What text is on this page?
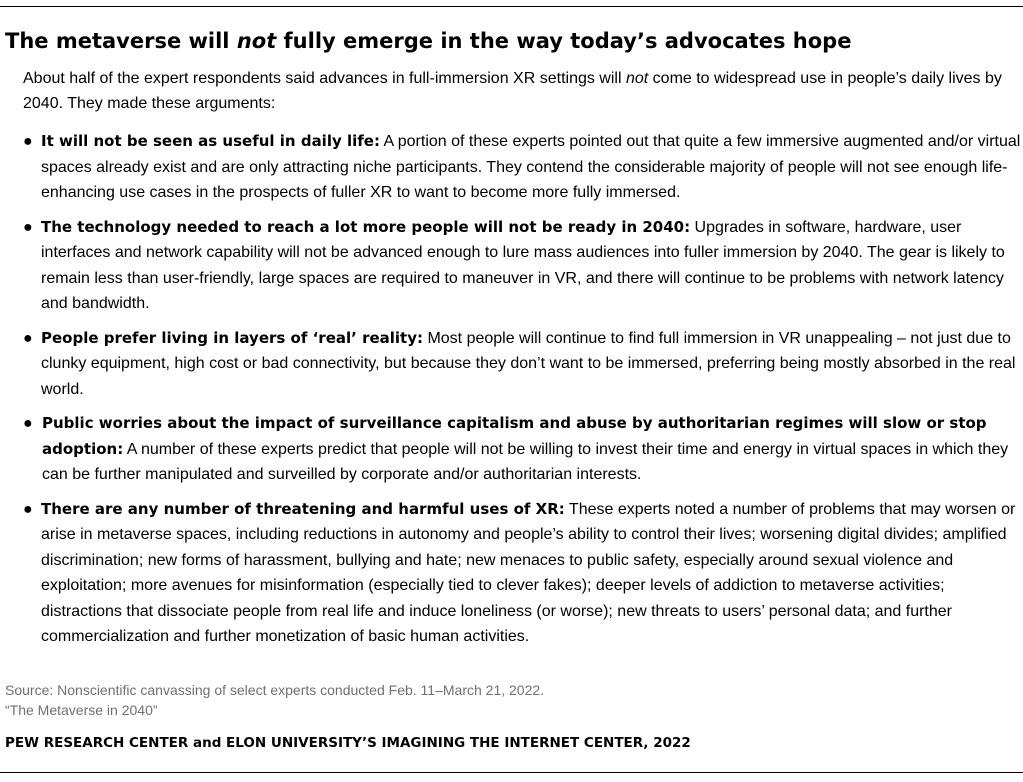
The metaverse will not fully emerge in the way today’s advocates hope

About half of the expert respondents said advances in full-immersion XR settings will not come to widespread use in people’s daily lives by 2040. They made these arguments:

● It will not be seen as useful in daily life: A portion of these experts pointed out that quite a few immersive augmented and/or virtual spaces already exist and are only attracting niche participants. They contend the considerable majority of people will not see enough life-enhancing use cases in the prospects of fuller XR to want to become more fully immersed.
● The technology needed to reach a lot more people will not be ready in 2040: Upgrades in software, hardware, user interfaces and network capability will not be advanced enough to lure mass audiences into fuller immersion by 2040. The gear is likely to remain less than user-friendly, large spaces are required to maneuver in VR, and there will continue to be problems with network latency and bandwidth.
● People prefer living in layers of ‘real’ reality: Most people will continue to find full immersion in VR unappealing – not just due to clunky equipment, high cost or bad connectivity, but because they don’t want to be immersed, preferring being mostly absorbed in the real world.
● Public worries about the impact of surveillance capitalism and abuse by authoritarian regimes will slow or stop adoption: A number of these experts predict that people will not be willing to invest their time and energy in virtual spaces in which they can be further manipulated and surveilled by corporate and/or authoritarian interests.
● There are any number of threatening and harmful uses of XR: These experts noted a number of problems that may worsen or arise in metaverse spaces, including reductions in autonomy and people’s ability to control their lives; worsening digital divides; amplified discrimination; new forms of harassment, bullying and hate; new menaces to public safety, especially around sexual violence and exploitation; more avenues for misinformation (especially tied to clever fakes); deeper levels of addiction to metaverse activities; distractions that dissociate people from real life and induce loneliness (or worse); new threats to users’ personal data; and further commercialization and further monetization of basic human activities.
Source: Nonscientific canvassing of select experts conducted Feb. 11–March 21, 2022.
“The Metaverse in 2040”
PEW RESEARCH CENTER and ELON UNIVERSITY’S IMAGINING THE INTERNET CENTER, 2022
